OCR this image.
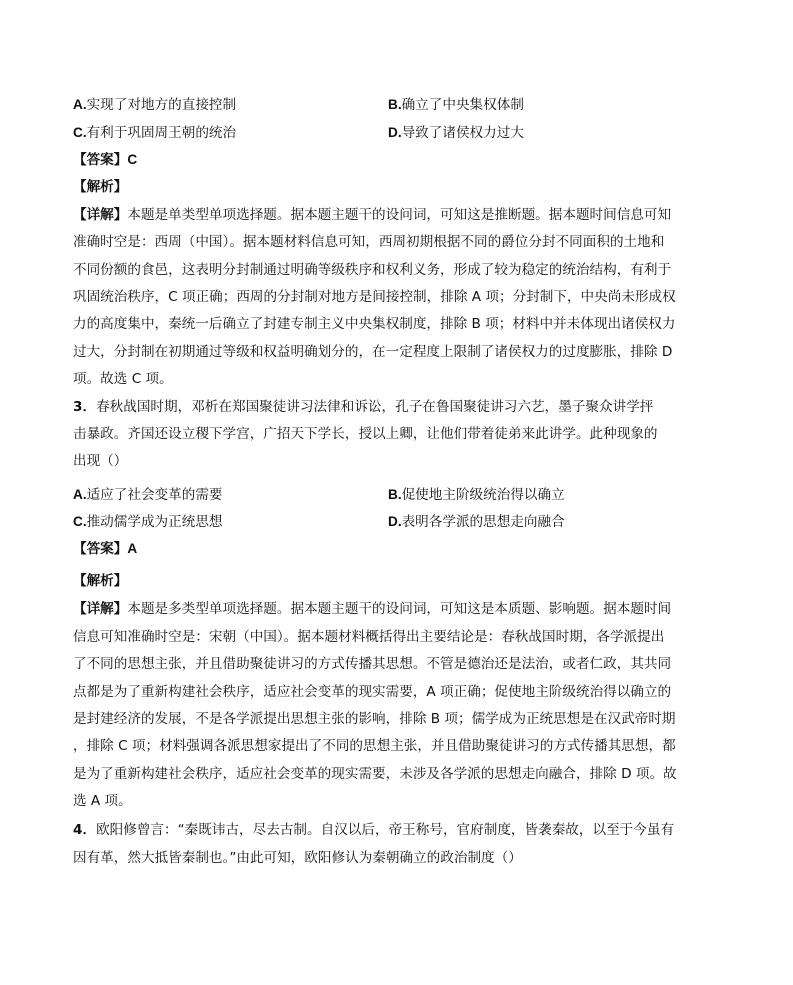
A.实现了对地方的直接控制	B.确立了中央集权体制
C.有利于巩固周王朝的统治	D.导致了诸侯权力过大
【答案】C
【解析】
【详解】本题是单类型单项选择题。据本题主题干的设问词，可知这是推断题。据本题时间信息可知
准确时空是：西周（中国）。据本题材料信息可知，西周初期根据不同的爵位分封不同面积的土地和
不同份额的食邑，这表明分封制通过明确等级秩序和权利义务，形成了较为稳定的统治结构，有利于
巩固统治秩序，C 项正确；西周的分封制对地方是间接控制，排除 A 项；分封制下，中央尚未形成权
力的高度集中，秦统一后确立了封建专制主义中央集权制度，排除 B 项；材料中并未体现出诸侯权力
过大，分封制在初期通过等级和权益明确划分的，在一定程度上限制了诸侯权力的过度膨胀，排除 D
项。故选 C 项。
3．春秋战国时期，邓析在郑国聚徒讲习法律和诉讼，孔子在鲁国聚徒讲习六艺，墨子聚众讲学抨
击暴政。齐国还设立稷下学宫，广招天下学长，授以上卿，让他们带着徒弟来此讲学。此种现象的
出现（）
A.适应了社会变革的需要	B.促使地主阶级统治得以确立
C.推动儒学成为正统思想	D.表明各学派的思想走向融合
【答案】A
【解析】
【详解】本题是多类型单项选择题。据本题主题干的设问词，可知这是本质题、影响题。据本题时间
信息可知准确时空是：宋朝（中国）。据本题材料概括得出主要结论是：春秋战国时期，各学派提出
了不同的思想主张，并且借助聚徒讲习的方式传播其思想。不管是德治还是法治，或者仁政，其共同
点都是为了重新构建社会秩序，适应社会变革的现实需要，A 项正确；促使地主阶级统治得以确立的
是封建经济的发展，不是各学派提出思想主张的影响，排除 B 项；儒学成为正统思想是在汉武帝时期
，排除 C 项；材料强调各派思想家提出了不同的思想主张，并且借助聚徒讲习的方式传播其思想，都
是为了重新构建社会秩序，适应社会变革的现实需要，未涉及各学派的思想走向融合，排除 D 项。故
选 A 项。
4．欧阳修曾言：“秦既讳古，尽去古制。自汉以后，帝王称号，官府制度，皆袭秦故，以至于今虽有
因有革，然大抵皆秦制也。”由此可知，欧阳修认为秦朝确立的政治制度（）
